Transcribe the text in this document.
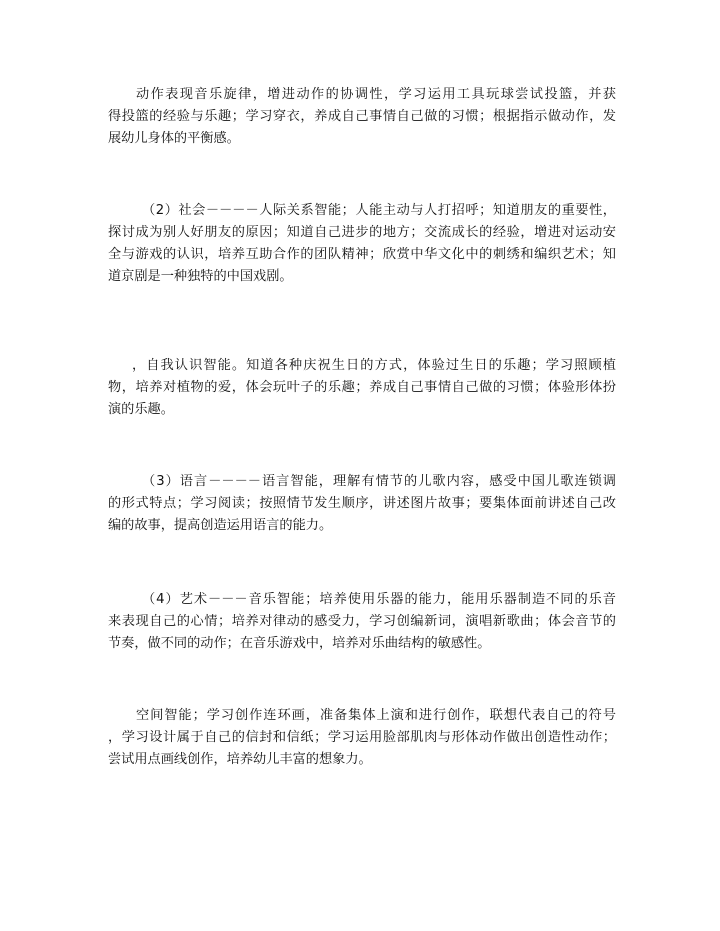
动作表现音乐旋律，增进动作的协调性，学习运用工具玩球尝试投篮，并获
得投篮的经验与乐趣；学习穿衣，养成自己事情自己做的习惯；根据指示做动作，发
展幼儿身体的平衡感。
（2）社会－－－－人际关系智能；人能主动与人打招呼；知道朋友的重要性，
探讨成为别人好朋友的原因；知道自己进步的地方；交流成长的经验，增进对运动安
全与游戏的认识，培养互助合作的团队精神；欣赏中华文化中的刺绣和编织艺术；知
道京剧是一种独特的中国戏剧。
，自我认识智能。知道各种庆祝生日的方式，体验过生日的乐趣；学习照顾植
物，培养对植物的爱，体会玩叶子的乐趣；养成自己事情自己做的习惯；体验形体扮
演的乐趣。
（3）语言－－－－语言智能，理解有情节的儿歌内容，感受中国儿歌连锁调
的形式特点；学习阅读；按照情节发生顺序，讲述图片故事；要集体面前讲述自己改
编的故事，提高创造运用语言的能力。
（4）艺术－－－音乐智能；培养使用乐器的能力，能用乐器制造不同的乐音
来表现自己的心情；培养对律动的感受力，学习创编新词，演唱新歌曲；体会音节的
节奏，做不同的动作；在音乐游戏中，培养对乐曲结构的敏感性。
空间智能；学习创作连环画，准备集体上演和进行创作，联想代表自己的符号
，学习设计属于自己的信封和信纸；学习运用脸部肌肉与形体动作做出创造性动作；
尝试用点画线创作，培养幼儿丰富的想象力。
